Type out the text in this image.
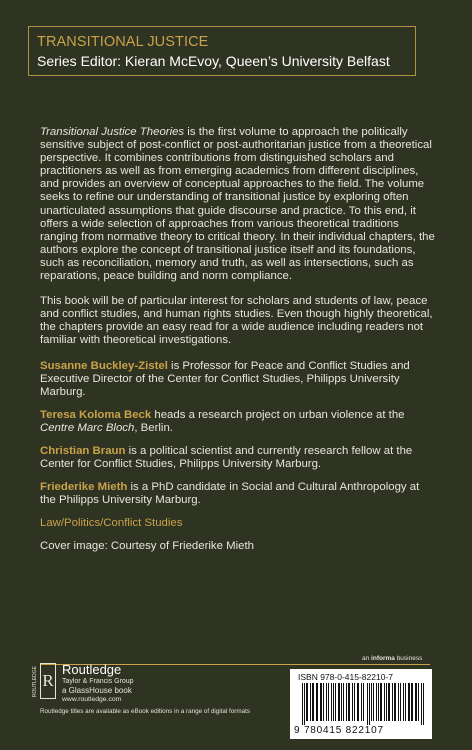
TRANSITIONAL JUSTICE
Series Editor: Kieran McEvoy, Queen’s University Belfast

Transitional Justice Theories is the first volume to approach the politically sensitive subject of post-conflict or post-authoritarian justice from a theoretical perspective. It combines contributions from distinguished scholars and practitioners as well as from emerging academics from different disciplines, and provides an overview of conceptual approaches to the field. The volume seeks to refine our understanding of transitional justice by exploring often unarticulated assumptions that guide discourse and practice. To this end, it offers a wide selection of approaches from various theoretical traditions ranging from normative theory to critical theory. In their individual chapters, the authors explore the concept of transitional justice itself and its foundations, such as reconciliation, memory and truth, as well as intersections, such as reparations, peace building and norm compliance.

This book will be of particular interest for scholars and students of law, peace and conflict studies, and human rights studies. Even though highly theoretical, the chapters provide an easy read for a wide audience including readers not familiar with theoretical investigations.

Susanne Buckley-Zistel is Professor for Peace and Conflict Studies and Executive Director of the Center for Conflict Studies, Philipps University Marburg.

Teresa Koloma Beck heads a research project on urban violence at the Centre Marc Bloch, Berlin.

Christian Braun is a political scientist and currently research fellow at the Center for Conflict Studies, Philipps University Marburg.

Friederike Mieth is a PhD candidate in Social and Cultural Anthropology at the Philipps University Marburg.

Law/Politics/Conflict Studies

Cover image: Courtesy of Friederike Mieth

an informa business
ROUTLEDGE R
Routledge
Taylor & Francis Group
a GlassHouse book
www.routledge.com
Routledge titles are available as eBook editions in a range of digital formats
ISBN 978-0-415-82210-7
9 780415 822107
